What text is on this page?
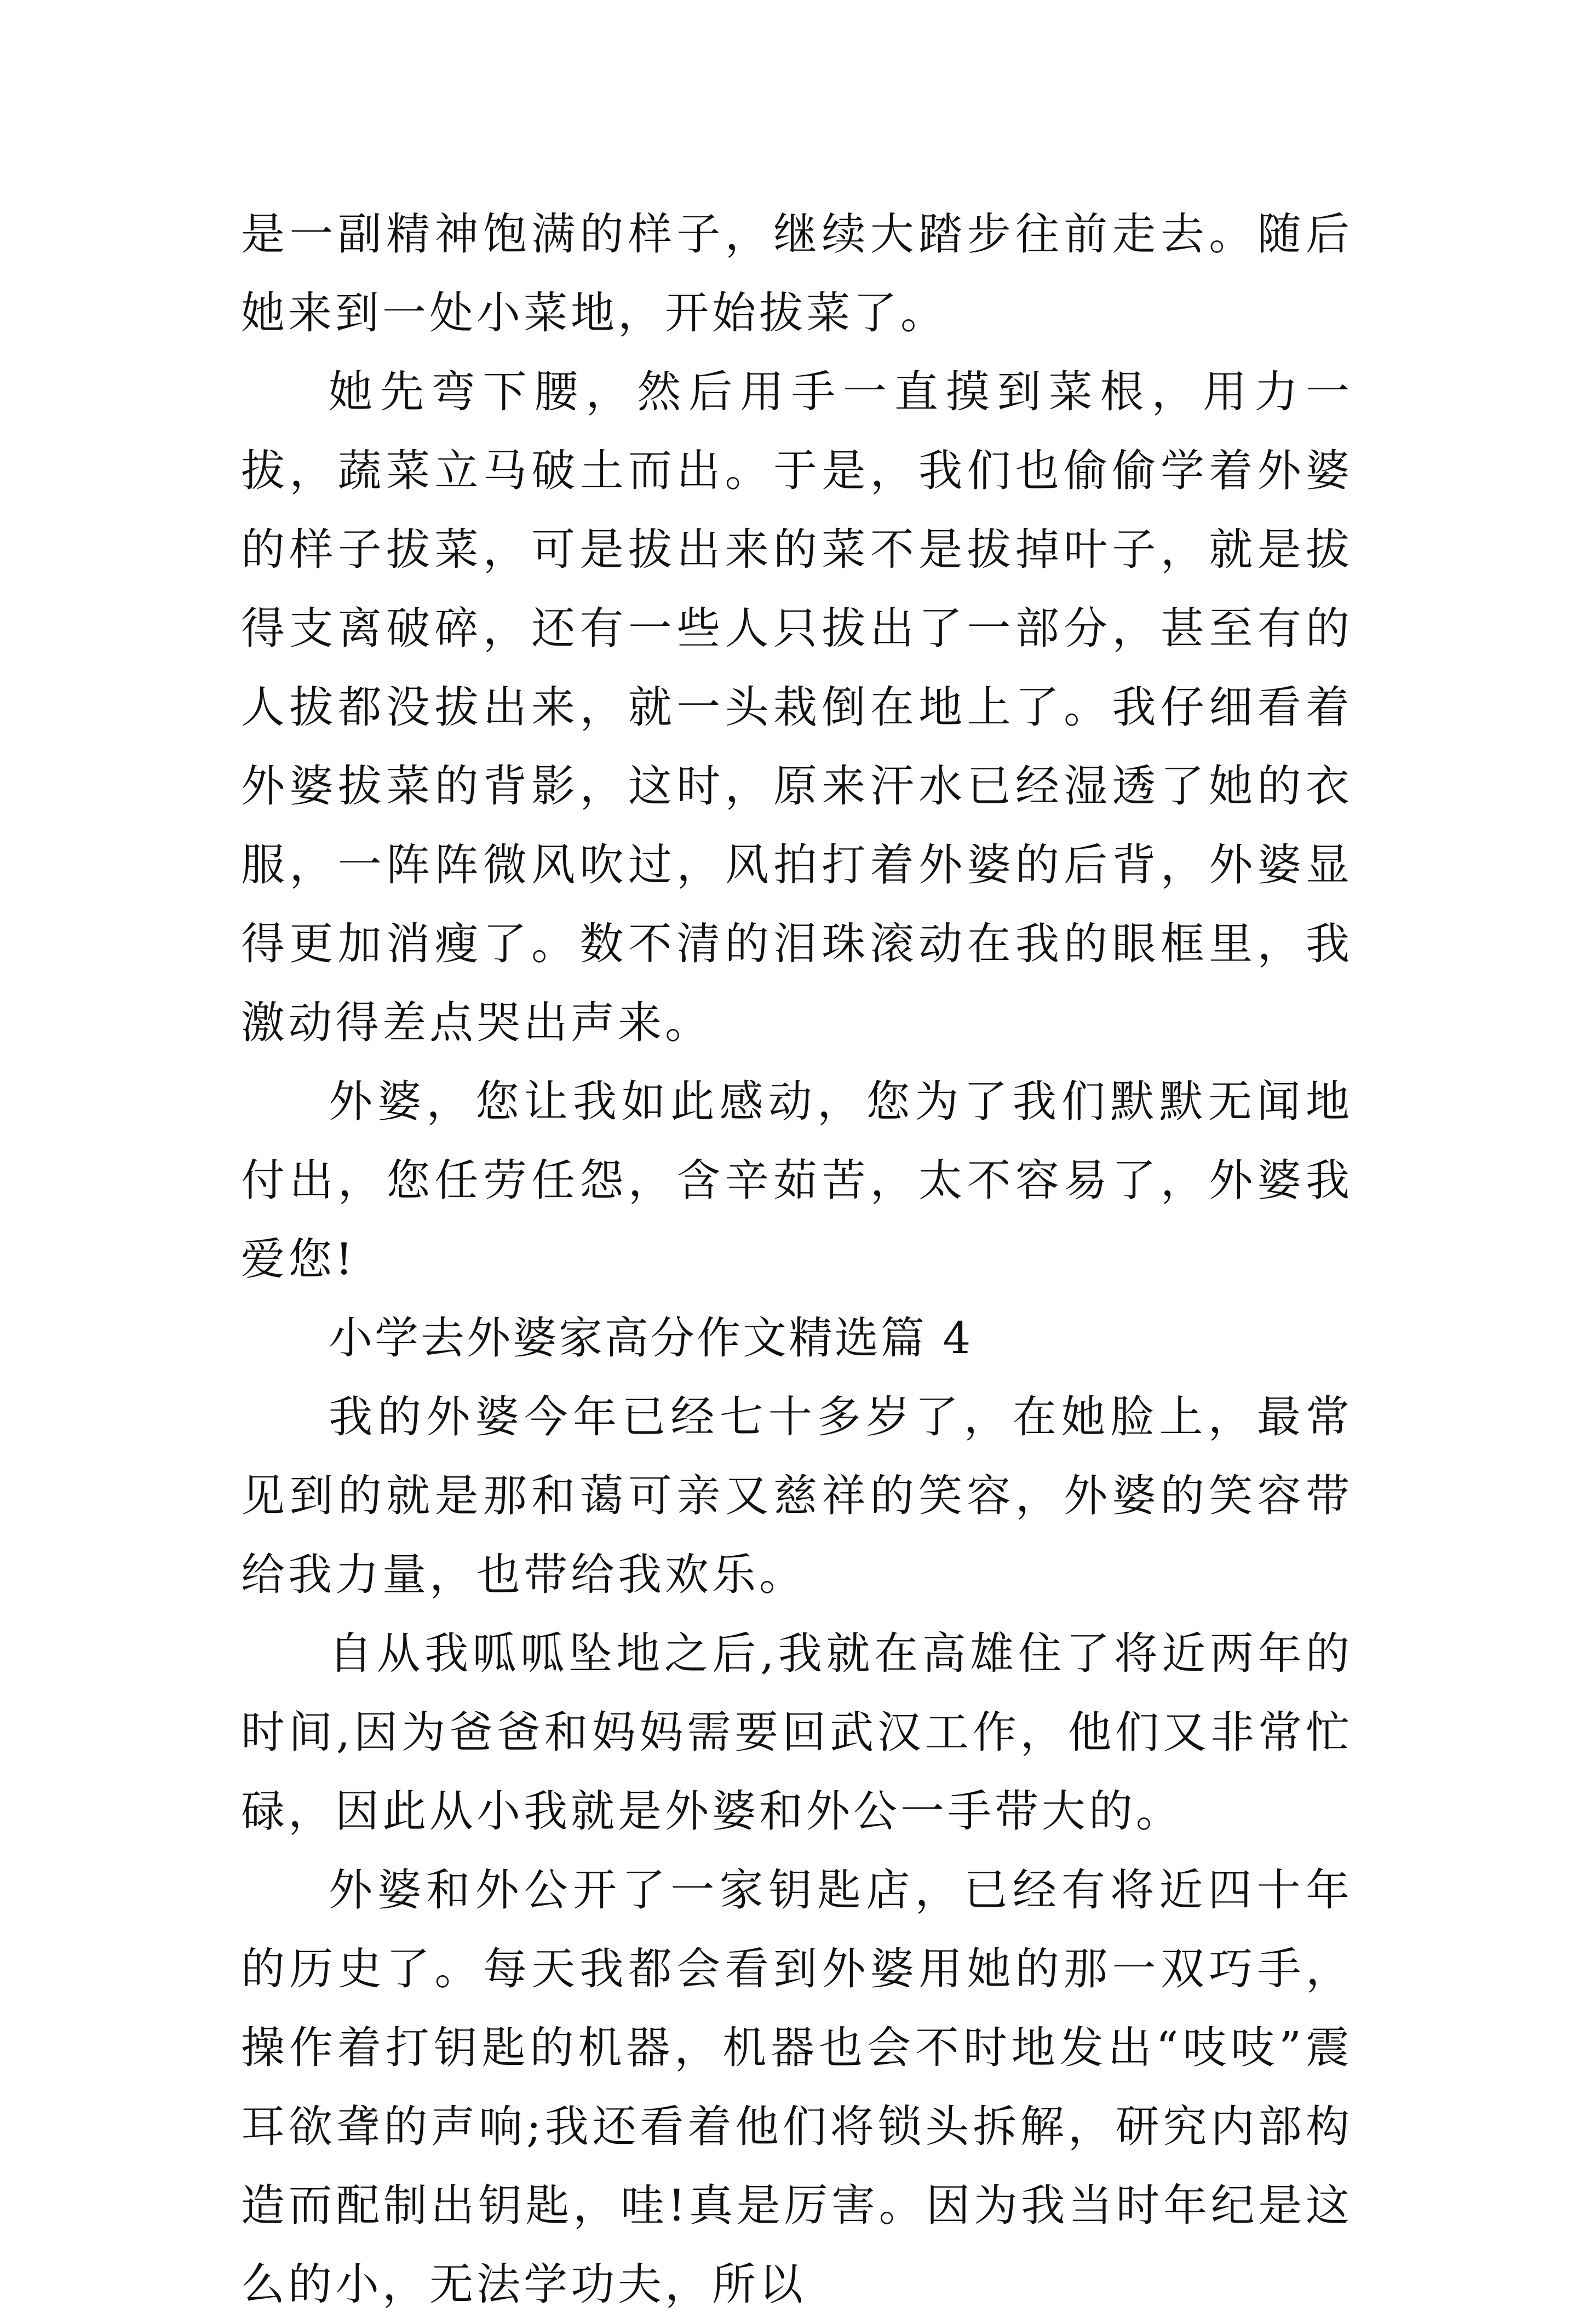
是一副精神饱满的样子，继续大踏步往前走去。随后她来到一处小菜地，开始拔菜了。

她先弯下腰，然后用手一直摸到菜根，用力一拔，蔬菜立马破土而出。于是，我们也偷偷学着外婆的样子拔菜，可是拔出来的菜不是拔掉叶子，就是拔得支离破碎，还有一些人只拔出了一部分，甚至有的人拔都没拔出来，就一头栽倒在地上了。我仔细看着外婆拔菜的背影，这时，原来汗水已经湿透了她的衣服，一阵阵微风吹过，风拍打着外婆的后背，外婆显得更加消瘦了。数不清的泪珠滚动在我的眼框里，我激动得差点哭出声来。

外婆，您让我如此感动，您为了我们默默无闻地付出，您任劳任怨，含辛茹苦，太不容易了，外婆我爱您!

小学去外婆家高分作文精选篇 4

我的外婆今年已经七十多岁了，在她脸上，最常见到的就是那和蔼可亲又慈祥的笑容，外婆的笑容带给我力量，也带给我欢乐。

自从我呱呱坠地之后,我就在高雄住了将近两年的时间,因为爸爸和妈妈需要回武汉工作，他们又非常忙碌，因此从小我就是外婆和外公一手带大的。

外婆和外公开了一家钥匙店，已经有将近四十年的历史了。每天我都会看到外婆用她的那一双巧手，操作着打钥匙的机器，机器也会不时地发出“吱吱”震耳欲聋的声响;我还看着他们将锁头拆解，研究内部构造而配制出钥匙，哇!真是厉害。因为我当时年纪是这么的小，无法学功夫，所以
